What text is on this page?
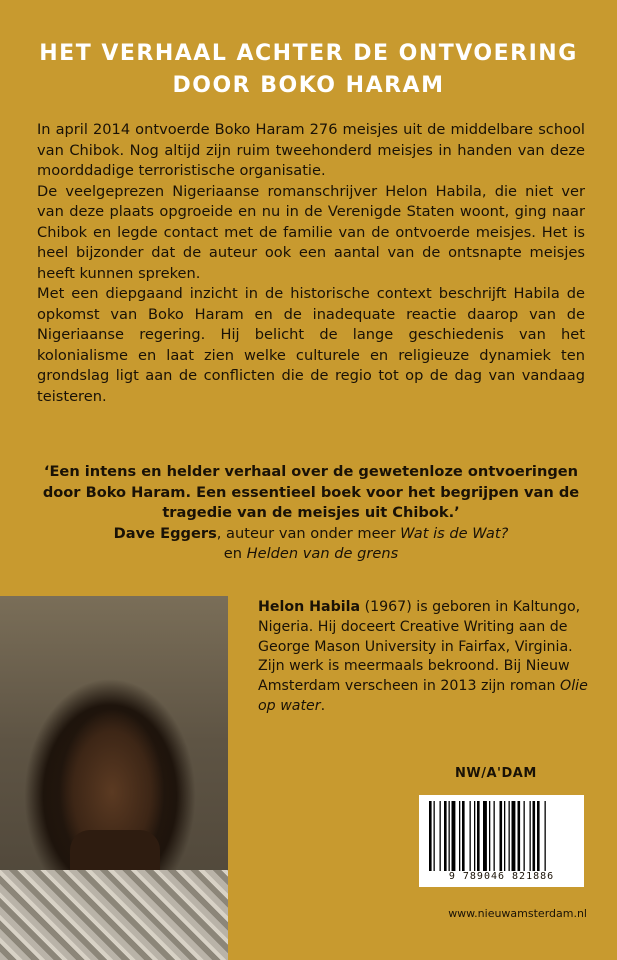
HET VERHAAL ACHTER DE ONTVOERING
DOOR BOKO HARAM

In april 2014 ontvoerde Boko Haram 276 meisjes uit de middelbare school van Chibok. Nog altijd zijn ruim tweehonderd meisjes in handen van deze moorddadige terroristische organisatie.

De veelgeprezen Nigeriaanse romanschrijver Helon Habila, die niet ver van deze plaats opgroeide en nu in de Verenigde Staten woont, ging naar Chibok en legde contact met de familie van de ontvoerde meisjes. Het is heel bijzonder dat de auteur ook een aantal van de ontsnapte meisjes heeft kunnen spreken.

Met een diepgaand inzicht in de historische context beschrijft Habila de opkomst van Boko Haram en de inadequate reactie daarop van de Nigeriaanse regering. Hij belicht de lange geschiedenis van het kolonialisme en laat zien welke culturele en religieuze dynamiek ten grondslag ligt aan de conflicten die de regio tot op de dag van vandaag teisteren.

‘Een intens en helder verhaal over de gewetenloze ontvoeringen door Boko Haram. Een essentieel boek voor het begrijpen van de tragedie van de meisjes uit Chibok.’
Dave Eggers, auteur van onder meer Wat is de Wat?
en Helden van de grens
Helon Habila (1967) is geboren in Kaltungo, Nigeria. Hij doceert Creative Writing aan de George Mason University in Fairfax, Virginia. Zijn werk is meermaals bekroond. Bij Nieuw Amsterdam verscheen in 2013 zijn roman Olie op water.
NW/A'DAM
9 789046 821886
www.nieuwamsterdam.nl
